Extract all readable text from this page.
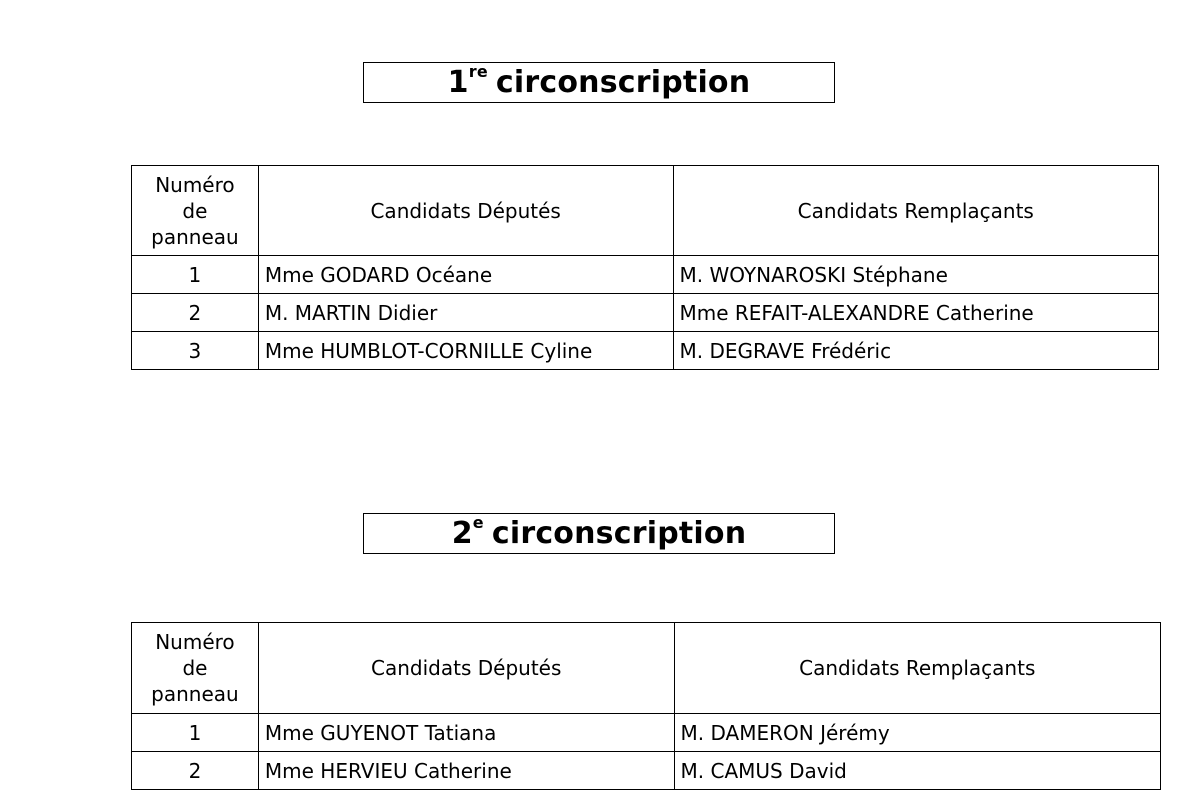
1re circonscription
Numéro
de
panneau	Candidats Députés	Candidats Remplaçants
1	Mme GODARD Océane	M. WOYNAROSKI Stéphane
2	M. MARTIN Didier	Mme REFAIT-ALEXANDRE Catherine
3	Mme HUMBLOT-CORNILLE Cyline	M. DEGRAVE Frédéric
2e circonscription
Numéro
de
panneau	Candidats Députés	Candidats Remplaçants
1	Mme GUYENOT Tatiana	M. DAMERON Jérémy
2	Mme HERVIEU Catherine	M. CAMUS David
